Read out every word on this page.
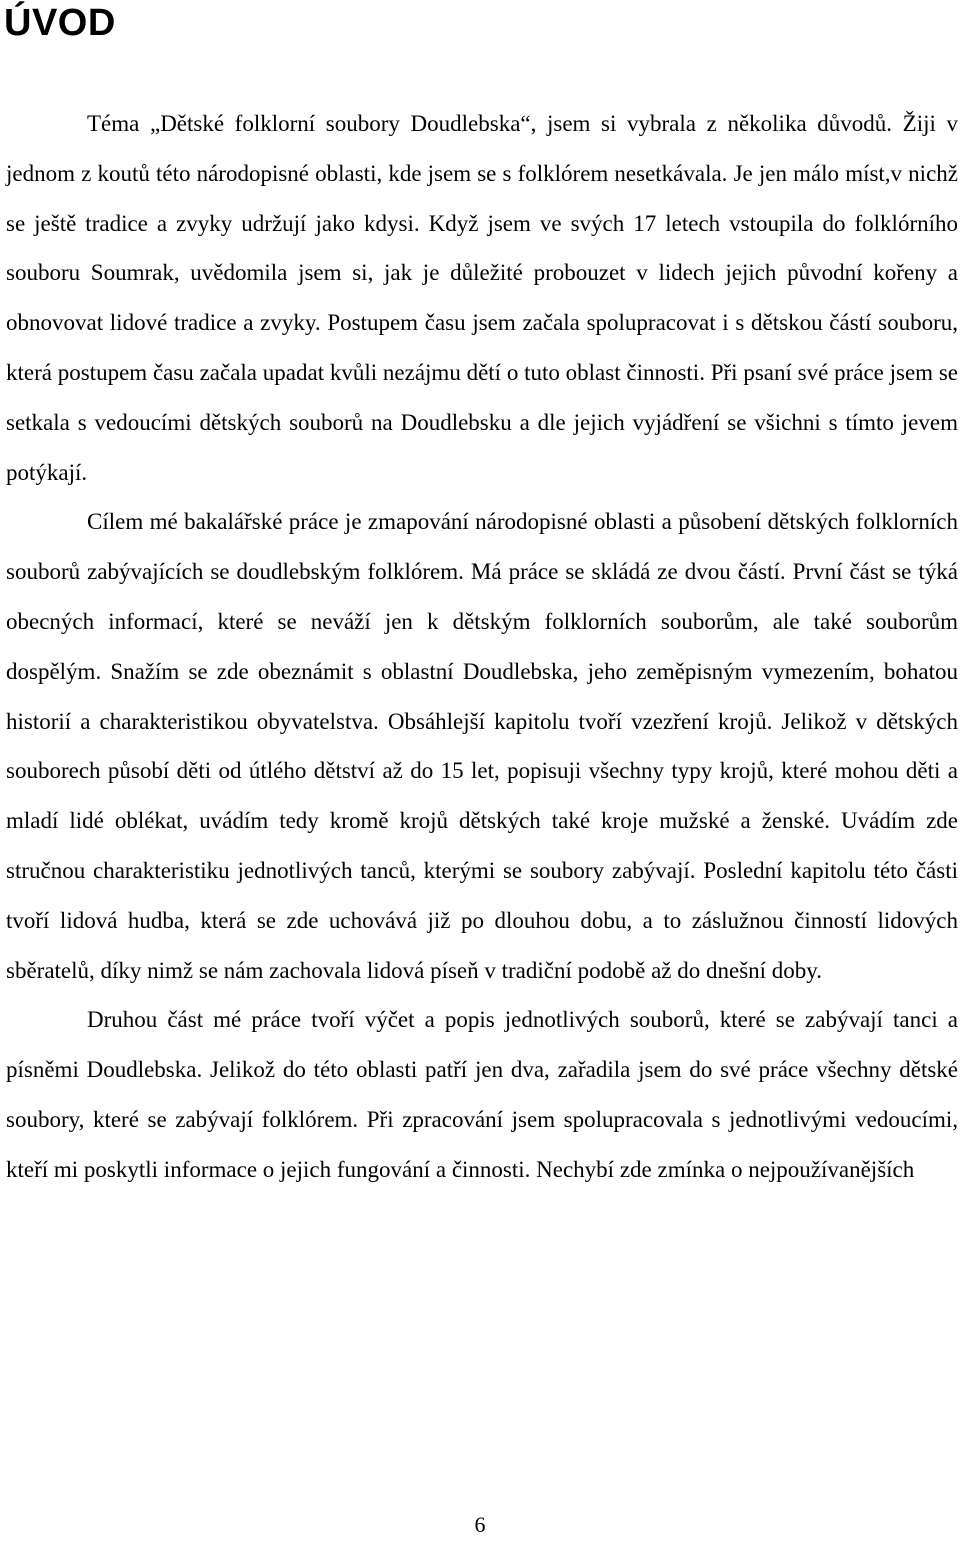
ÚVOD

Téma „Dětské folklorní soubory Doudlebska“, jsem si vybrala z několika důvodů. Žiji v jednom z koutů této národopisné oblasti, kde jsem se s folklórem nesetkávala. Je jen málo míst,v nichž se ještě tradice a zvyky udržují jako kdysi. Když jsem ve svých 17 letech vstoupila do folklórního souboru Soumrak, uvědomila jsem si, jak je důležité probouzet v lidech jejich původní kořeny a obnovovat lidové tradice a zvyky. Postupem času jsem začala spolupracovat i s dětskou částí souboru, která postupem času začala upadat kvůli nezájmu dětí o tuto oblast činnosti. Při psaní své práce jsem se setkala s vedoucími dětských souborů na Doudlebsku a dle jejich vyjádření se všichni s tímto jevem potýkají.

Cílem mé bakalářské práce je zmapování národopisné oblasti a působení dětských folklorních souborů zabývajících se doudlebským folklórem. Má práce se skládá ze dvou částí. První část se týká obecných informací, které se neváží jen k dětským folklorních souborům, ale také souborům dospělým. Snažím se zde obeznámit s oblastní Doudlebska, jeho zeměpisným vymezením, bohatou historií a charakteristikou obyvatelstva. Obsáhlejší kapitolu tvoří vzezření krojů. Jelikož v dětských souborech působí děti od útlého dětství až do 15 let, popisuji všechny typy krojů, které mohou děti a mladí lidé oblékat, uvádím tedy kromě krojů dětských také kroje mužské a ženské. Uvádím zde stručnou charakteristiku jednotlivých tanců, kterými se soubory zabývají. Poslední kapitolu této části tvoří lidová hudba, která se zde uchovává již po dlouhou dobu, a to záslužnou činností lidových sběratelů, díky nimž se nám zachovala lidová píseň v tradiční podobě až do dnešní doby.

Druhou část mé práce tvoří výčet a popis jednotlivých souborů, které se zabývají tanci a písněmi Doudlebska. Jelikož do této oblasti patří jen dva, zařadila jsem do své práce všechny dětské soubory, které se zabývají folklórem. Při zpracování jsem spolupracovala s jednotlivými vedoucími, kteří mi poskytli informace o jejich fungování a činnosti. Nechybí zde zmínka o nejpoužívanějších

6
